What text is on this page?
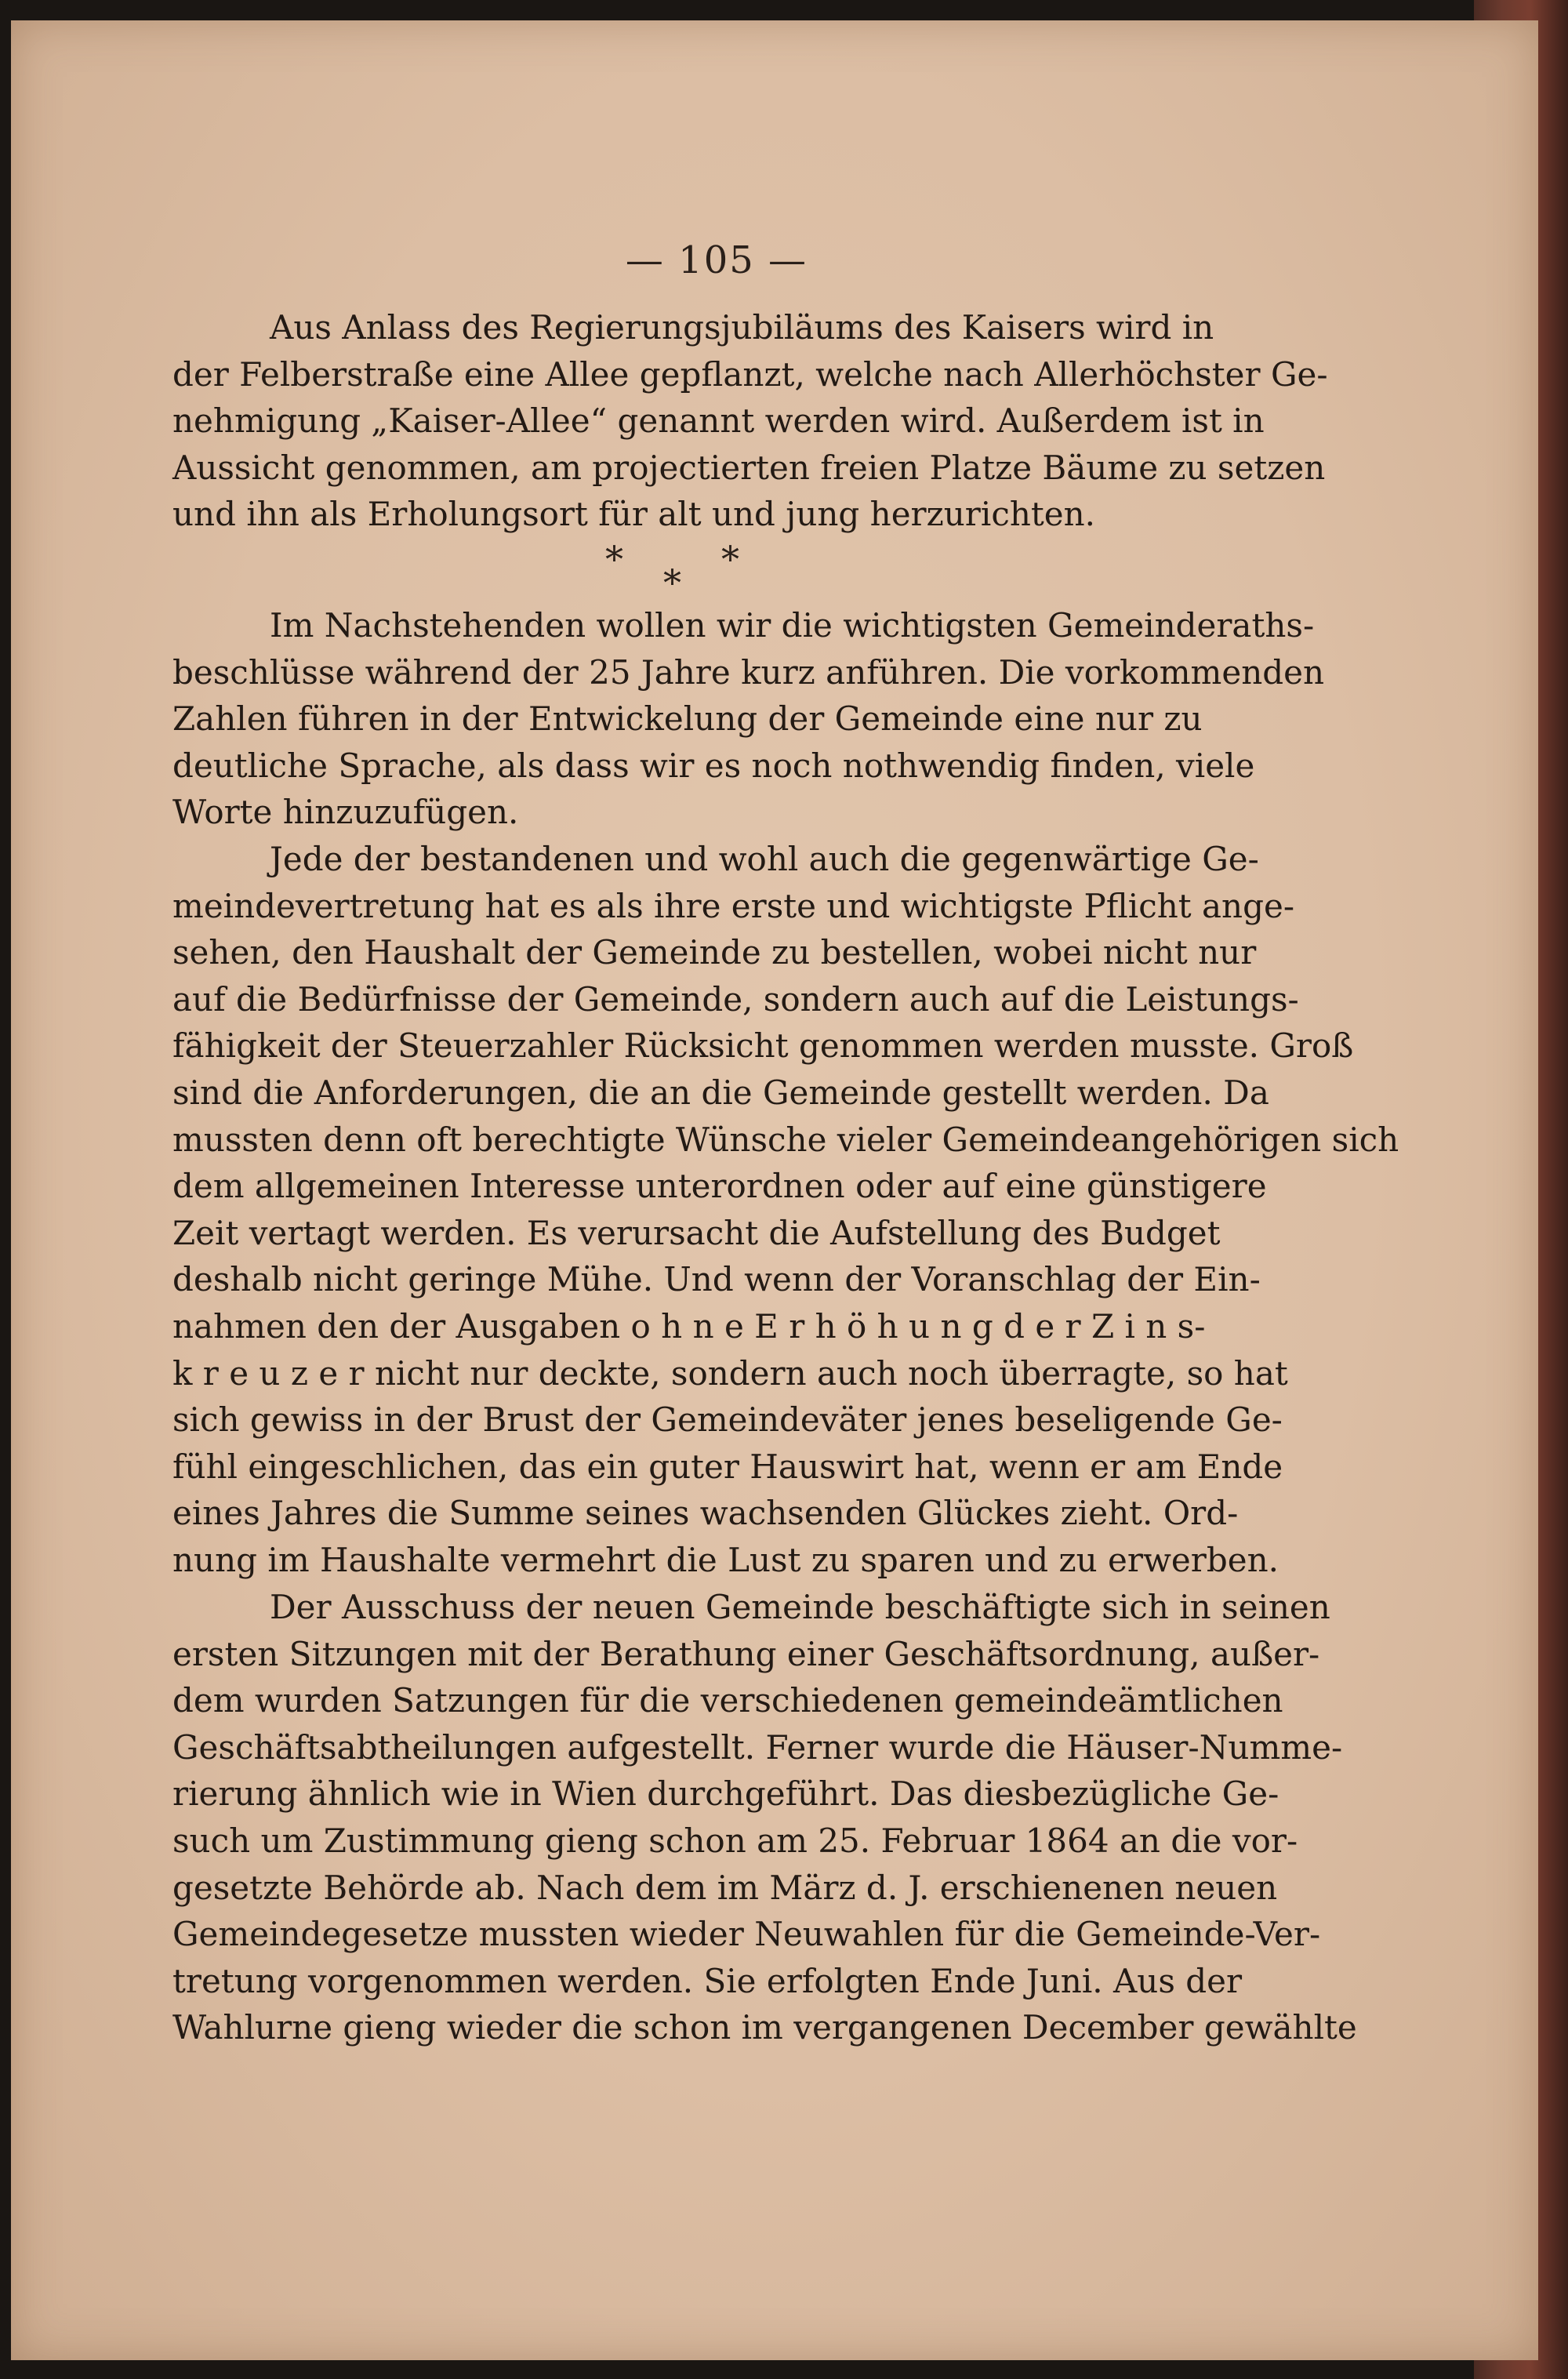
— 105 —
Aus Anlass des Regierungsjubiläums des Kaisers wird in
der Felberstraße eine Allee gepflanzt, welche nach Allerhöchster Ge-
nehmigung „Kaiser-Allee“ genannt werden wird. Außerdem ist in
Aussicht genommen, am projectierten freien Platze Bäume zu setzen
und ihn als Erholungsort für alt und jung herzurichten.
*
*
*
Im Nachstehenden wollen wir die wichtigsten Gemeinderaths-
beschlüsse während der 25 Jahre kurz anführen. Die vorkommenden
Zahlen führen in der Entwickelung der Gemeinde eine nur zu
deutliche Sprache, als dass wir es noch nothwendig finden, viele
Worte hinzuzufügen.
Jede der bestandenen und wohl auch die gegenwärtige Ge-
meindevertretung hat es als ihre erste und wichtigste Pflicht ange-
sehen, den Haushalt der Gemeinde zu bestellen, wobei nicht nur
auf die Bedürfnisse der Gemeinde, sondern auch auf die Leistungs-
fähigkeit der Steuerzahler Rücksicht genommen werden musste. Groß
sind die Anforderungen, die an die Gemeinde gestellt werden. Da
mussten denn oft berechtigte Wünsche vieler Gemeindeangehörigen sich
dem allgemeinen Interesse unterordnen oder auf eine günstigere
Zeit vertagt werden. Es verursacht die Aufstellung des Budget
deshalb nicht geringe Mühe. Und wenn der Voranschlag der Ein-
nahmen den der Ausgaben o h n e E r h ö h u n g d e r Z i n s-
k r e u z e r nicht nur deckte, sondern auch noch überragte, so hat
sich gewiss in der Brust der Gemeindeväter jenes beseligende Ge-
fühl eingeschlichen, das ein guter Hauswirt hat, wenn er am Ende
eines Jahres die Summe seines wachsenden Glückes zieht. Ord-
nung im Haushalte vermehrt die Lust zu sparen und zu erwerben.
Der Ausschuss der neuen Gemeinde beschäftigte sich in seinen
ersten Sitzungen mit der Berathung einer Geschäftsordnung, außer-
dem wurden Satzungen für die verschiedenen gemeindeämtlichen
Geschäftsabtheilungen aufgestellt. Ferner wurde die Häuser-Numme-
rierung ähnlich wie in Wien durchgeführt. Das diesbezügliche Ge-
such um Zustimmung gieng schon am 25. Februar 1864 an die vor-
gesetzte Behörde ab. Nach dem im März d. J. erschienenen neuen
Gemeindegesetze mussten wieder Neuwahlen für die Gemeinde-Ver-
tretung vorgenommen werden. Sie erfolgten Ende Juni. Aus der
Wahlurne gieng wieder die schon im vergangenen December gewählte
